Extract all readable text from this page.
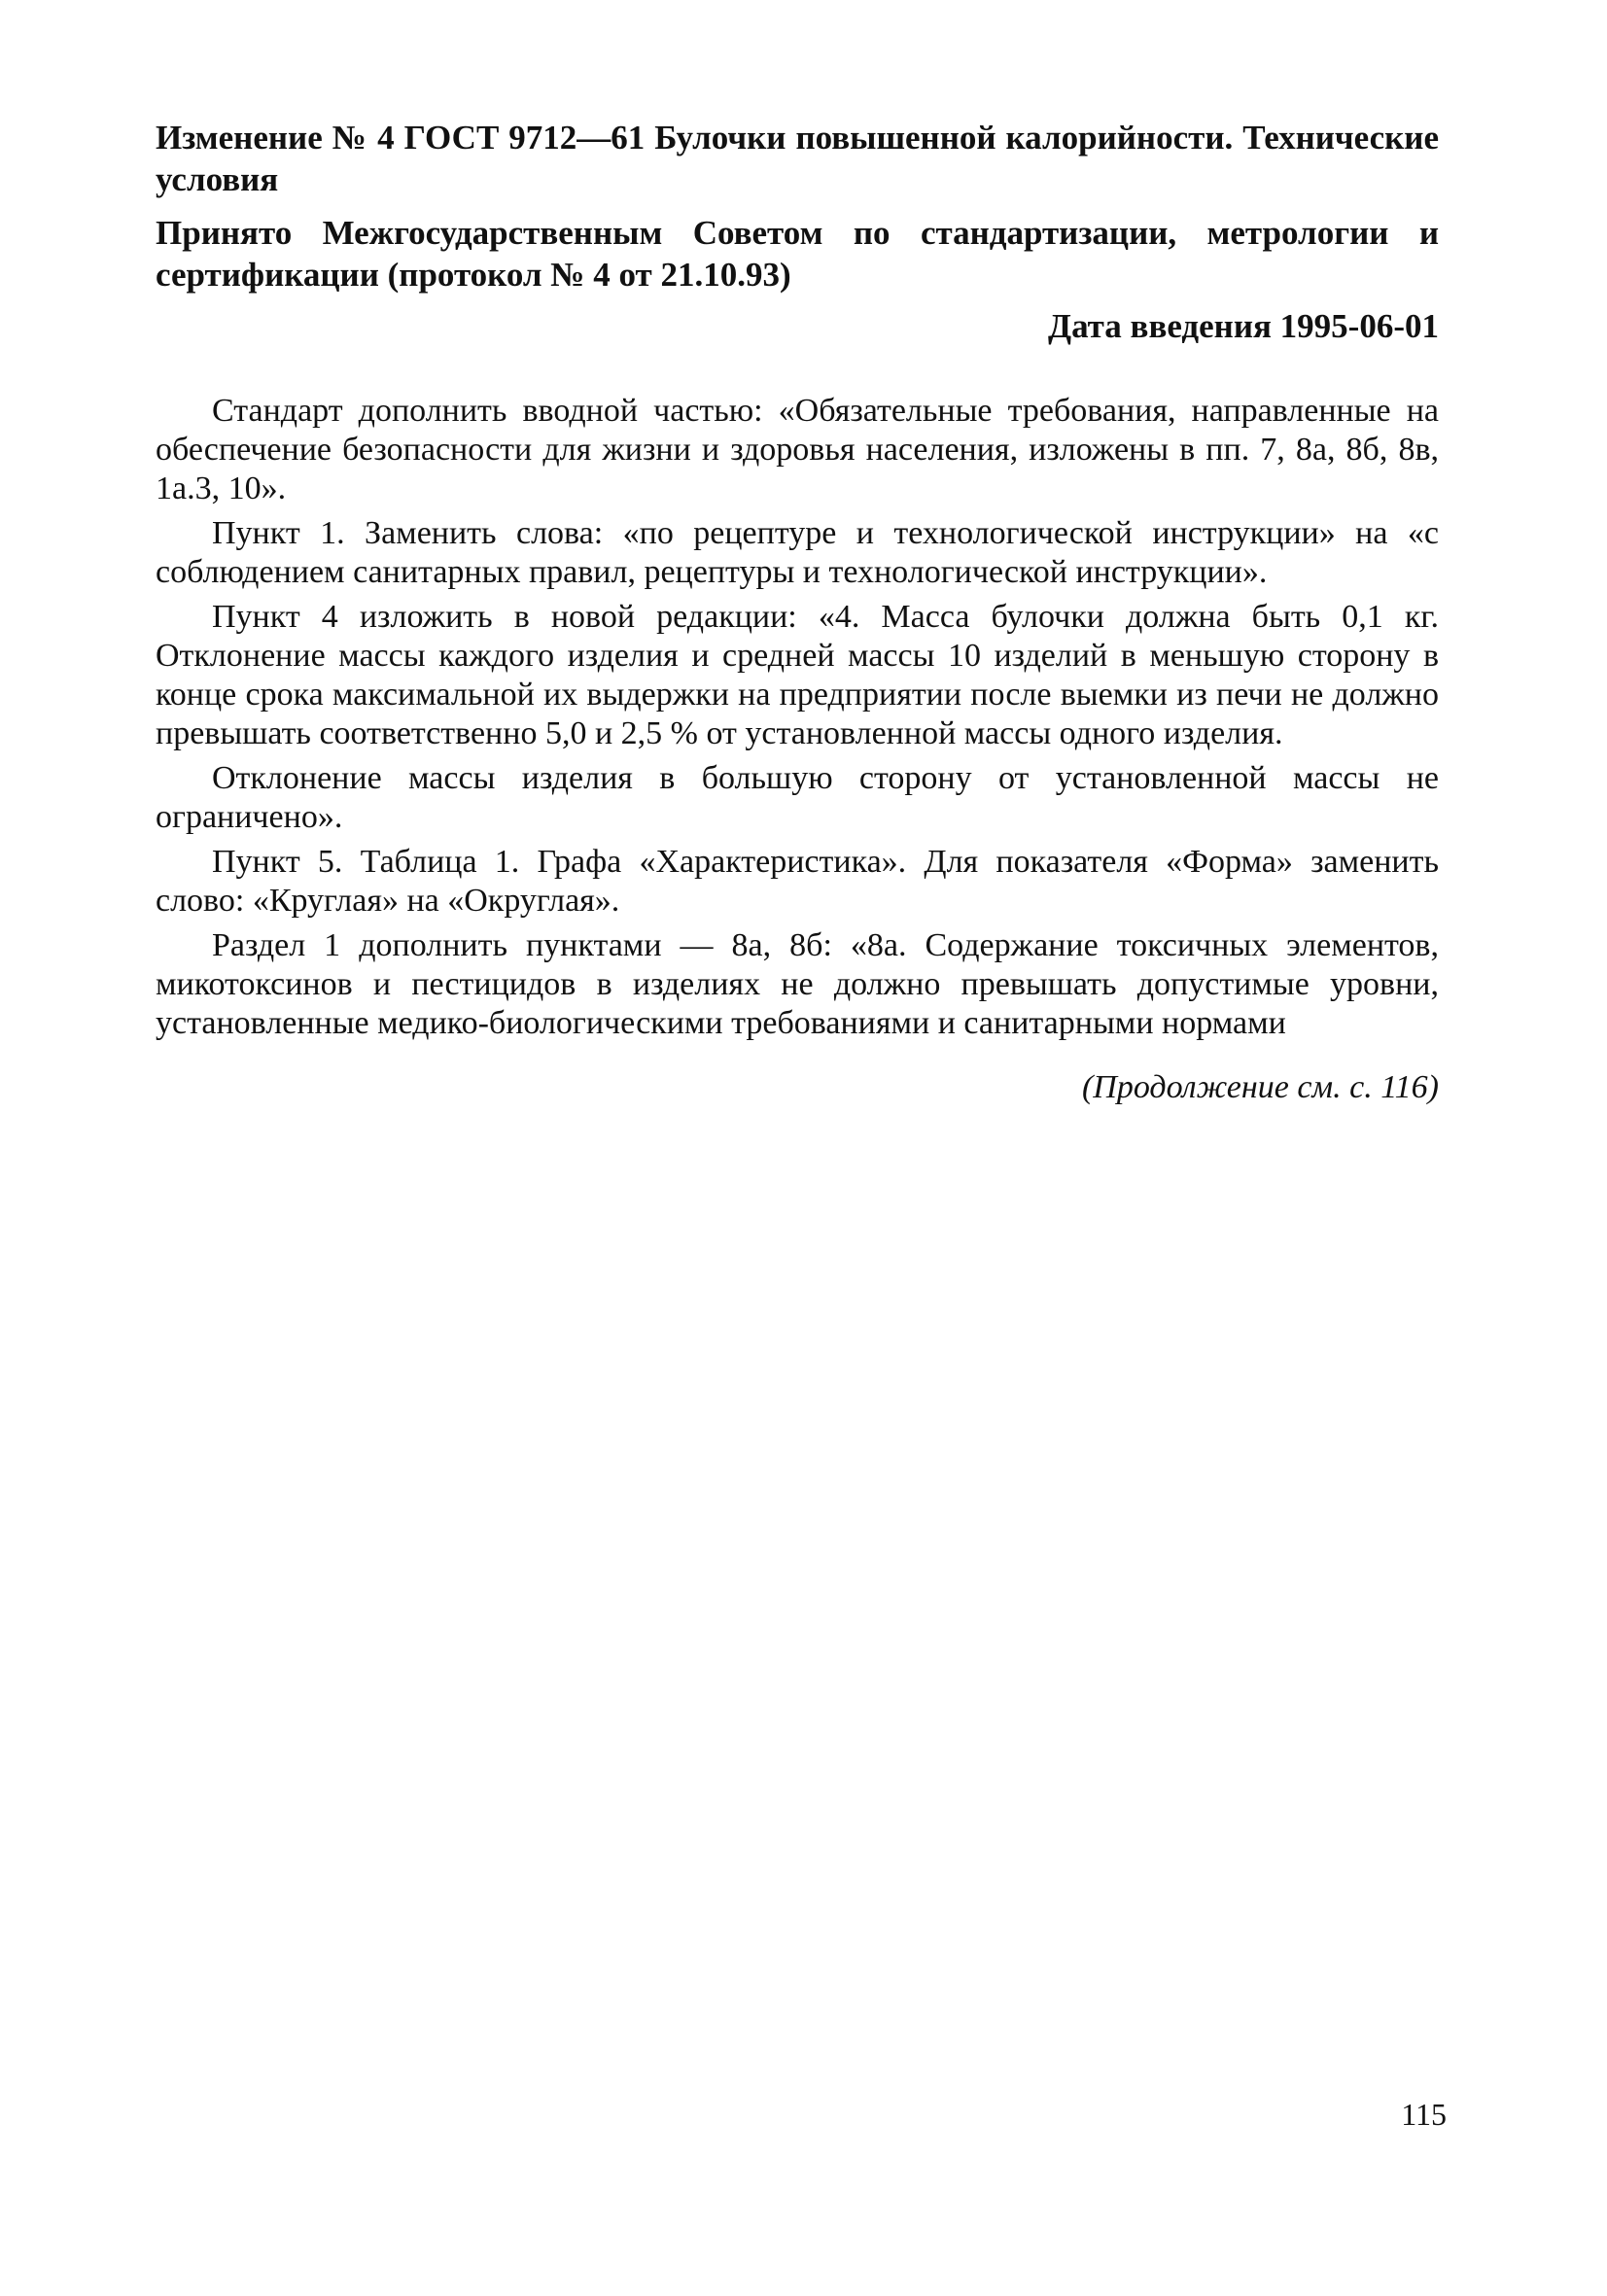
Изменение № 4 ГОСТ 9712—61 Булочки повышенной калорийности. Технические условия

Принято Межгосударственным Советом по стандартизации, метрологии и сертификации (протокол № 4 от 21.10.93)

Дата введения 1995-06-01

Стандарт дополнить вводной частью: «Обязательные требования, направленные на обеспечение безопасности для жизни и здоровья населения, изложены в пп. 7, 8а, 8б, 8в, 1а.3, 10».

Пункт 1. Заменить слова: «по рецептуре и технологической инструкции» на «с соблюдением санитарных правил, рецептуры и технологической инструкции».

Пункт 4 изложить в новой редакции: «4. Масса булочки должна быть 0,1 кг. Отклонение массы каждого изделия и средней массы 10 изделий в меньшую сторону в конце срока максимальной их выдержки на предприятии после выемки из печи не должно превышать соответственно 5,0 и 2,5 % от установленной массы одного изделия.

Отклонение массы изделия в большую сторону от установленной массы не ограничено».

Пункт 5. Таблица 1. Графа «Характеристика». Для показателя «Форма» заменить слово: «Круглая» на «Округлая».

Раздел 1 дополнить пунктами — 8а, 8б: «8а. Содержание токсичных элементов, микотоксинов и пестицидов в изделиях не должно превышать допустимые уровни, установленные медико-биологическими требованиями и санитарными нормами

(Продолжение см. с. 116)
115
